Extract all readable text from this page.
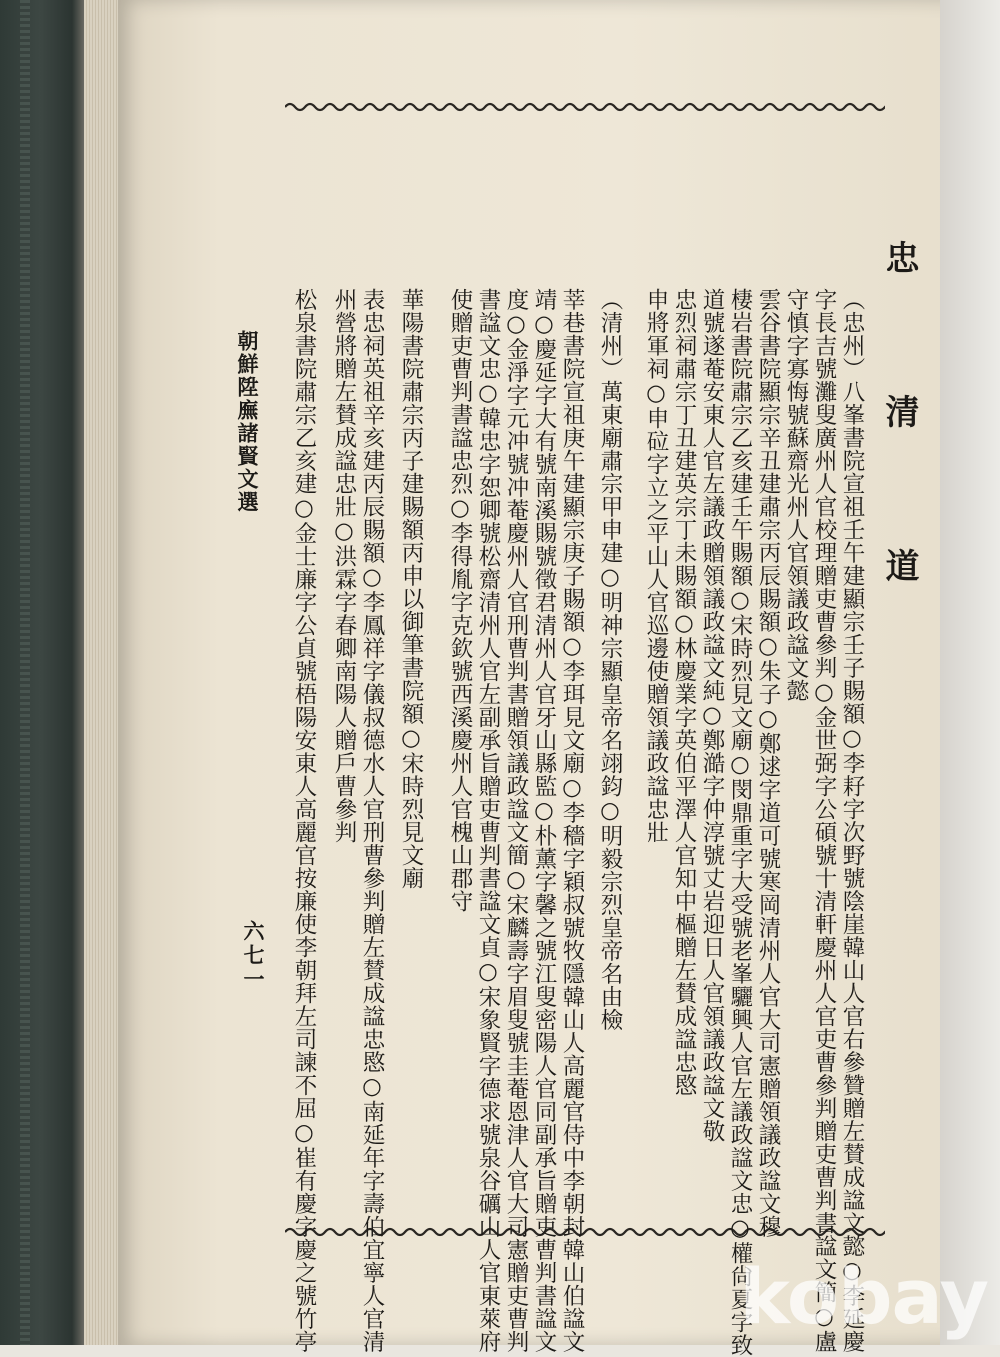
忠 清 道
（忠州）八峯書院宣祖壬午建顯宗壬子賜額○李耔字次野號陰崖韓山人官右參贊贈左賛成諡文懿○李延慶
字長吉號灘叟廣州人官校理贈吏曹參判○金世弼字公碩號十清軒慶州人官吏曹參判贈吏曹判書諡文簡○盧
守慎字寡悔號蘇齋光州人官領議政諡文懿
雲谷書院顯宗辛丑建肅宗丙辰賜額○朱子○鄭逑字道可號寒岡清州人官大司憲贈領議政諡文穆
棲岩書院肅宗乙亥建壬午賜額○宋時烈見文廟○閔鼎重字大受號老峯驪興人官左議政諡文忠○權尙夏字致
道號遂菴安東人官左議政贈領議政諡文純○鄭澔字仲淳號丈岩迎日人官領議政諡文敬
忠烈祠肅宗丁丑建英宗丁未賜額○林慶業字英伯平澤人官知中樞贈左賛成諡忠愍
申將軍祠○申砬字立之平山人官巡邊使贈領議政諡忠壯
（清州）萬東廟肅宗甲申建○明神宗顯皇帝名翊鈞○明毅宗烈皇帝名由檢
莘巷書院宣祖庚午建顯宗庚子賜額○李珥見文廟○李穡字穎叔號牧隱韓山人高麗官侍中李朝封韓山伯諡文
靖○慶延字大有號南溪賜號徵君清州人官牙山縣監○朴薰字馨之號江叟密陽人官同副承旨贈吏曹判書諡文
度○金淨字元冲號冲菴慶州人官刑曹判書贈領議政諡文簡○宋麟壽字眉叟號圭菴恩津人官大司憲贈吏曹判
書諡文忠○韓忠字恕卿號松齋清州人官左副承旨贈吏曹判書諡文貞○宋象賢字德求號泉谷礪山人官東萊府
使贈吏曹判書諡忠烈○李得胤字克欽號西溪慶州人官槐山郡守
華陽書院肅宗丙子建賜額丙申以御筆書院額○宋時烈見文廟
表忠祠英祖辛亥建丙辰賜額○李鳳祥字儀叔德水人官刑曹參判贈左賛成諡忠愍○南延年字壽伯宜寧人官清
州營將贈左賛成諡忠壯○洪霖字春卿南陽人贈戶曹參判
松泉書院肅宗乙亥建○金士廉字公貞號梧陽安東人高麗官按廉使李朝拜左司諫不屈○崔有慶字慶之號竹亭
朝鮮陞廡諸賢文選
六七一
kobay
